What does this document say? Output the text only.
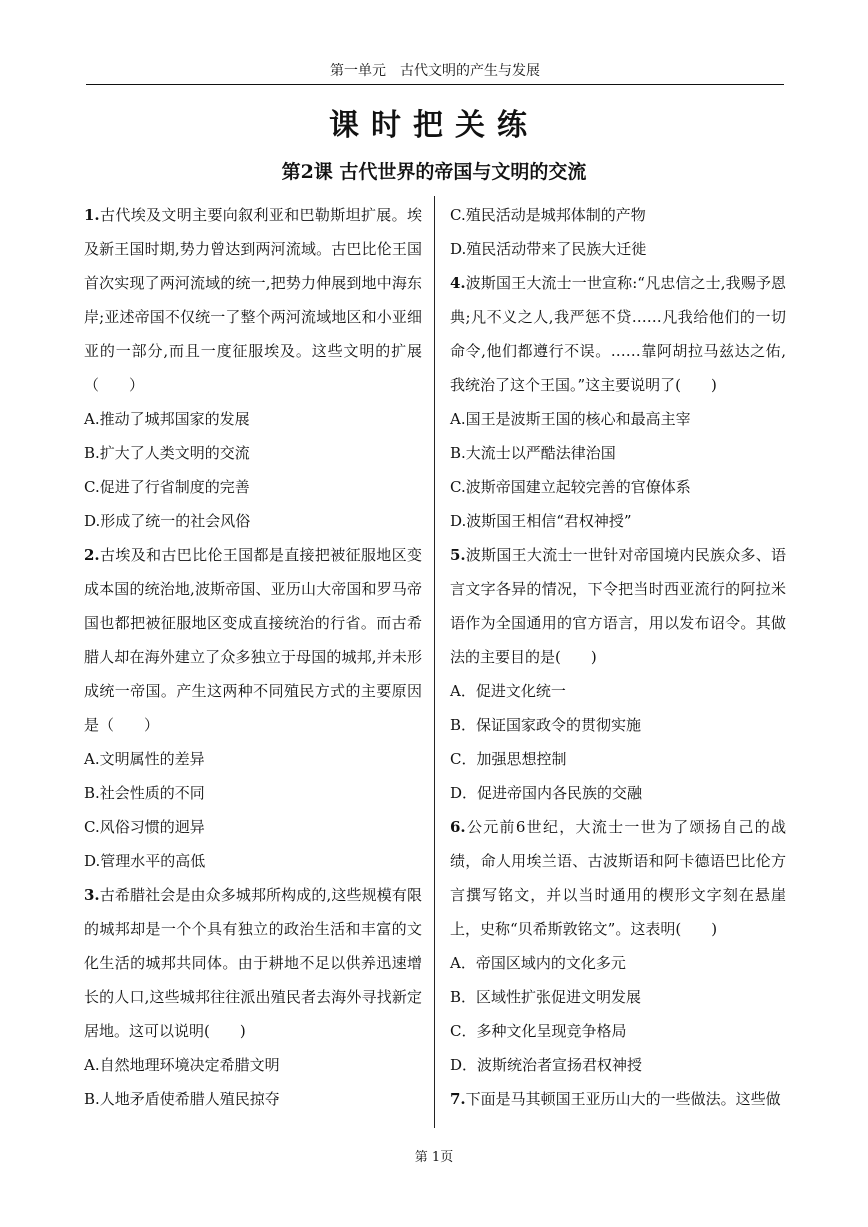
第一单元　古代文明的产生与发展
课时把关练
第2课 古代世界的帝国与文明的交流

1.古代埃及文明主要向叙利亚和巴勒斯坦扩展。埃及新王国时期,势力曾达到两河流域。古巴比伦王国首次实现了两河流域的统一,把势力伸展到地中海东岸;亚述帝国不仅统一了整个两河流域地区和小亚细亚的一部分,而且一度征服埃及。这些文明的扩展（　　）

A.推动了城邦国家的发展

B.扩大了人类文明的交流

C.促进了行省制度的完善

D.形成了统一的社会风俗

2.古埃及和古巴比伦王国都是直接把被征服地区变成本国的统治地,波斯帝国、亚历山大帝国和罗马帝国也都把被征服地区变成直接统治的行省。而古希腊人却在海外建立了众多独立于母国的城邦,并未形成统一帝国。产生这两种不同殖民方式的主要原因是（　　）

A.文明属性的差异

B.社会性质的不同

C.风俗习惯的迥异

D.管理水平的高低

3.古希腊社会是由众多城邦所构成的,这些规模有限的城邦却是一个个具有独立的政治生活和丰富的文化生活的城邦共同体。由于耕地不足以供养迅速增长的人口,这些城邦往往派出殖民者去海外寻找新定居地。这可以说明(　　)

A.自然地理环境决定希腊文明

B.人地矛盾使希腊人殖民掠夺

C.殖民活动是城邦体制的产物

D.殖民活动带来了民族大迁徙

4.波斯国王大流士一世宣称:“凡忠信之士,我赐予恩典;凡不义之人,我严惩不贷……凡我给他们的一切命令,他们都遵行不误。……靠阿胡拉马兹达之佑,我统治了这个王国。”这主要说明了(　　)

A.国王是波斯王国的核心和最高主宰

B.大流士以严酷法律治国

C.波斯帝国建立起较完善的官僚体系

D.波斯国王相信“君权神授”

5.波斯国王大流士一世针对帝国境内民族众多、语言文字各异的情况，下令把当时西亚流行的阿拉米语作为全国通用的官方语言，用以发布诏令。其做法的主要目的是(　　)

A．促进文化统一

B．保证国家政令的贯彻实施

C．加强思想控制

D．促进帝国内各民族的交融

6.公元前6世纪，大流士一世为了颂扬自己的战绩，命人用埃兰语、古波斯语和阿卡德语巴比伦方言撰写铭文，并以当时通用的楔形文字刻在悬崖上，史称“贝希斯敦铭文”。这表明(　　)

A．帝国区域内的文化多元

B．区域性扩张促进文明发展

C．多种文化呈现竞争格局

D．波斯统治者宣扬君权神授

7.下面是马其顿国王亚历山大的一些做法。这些做

第 1页
